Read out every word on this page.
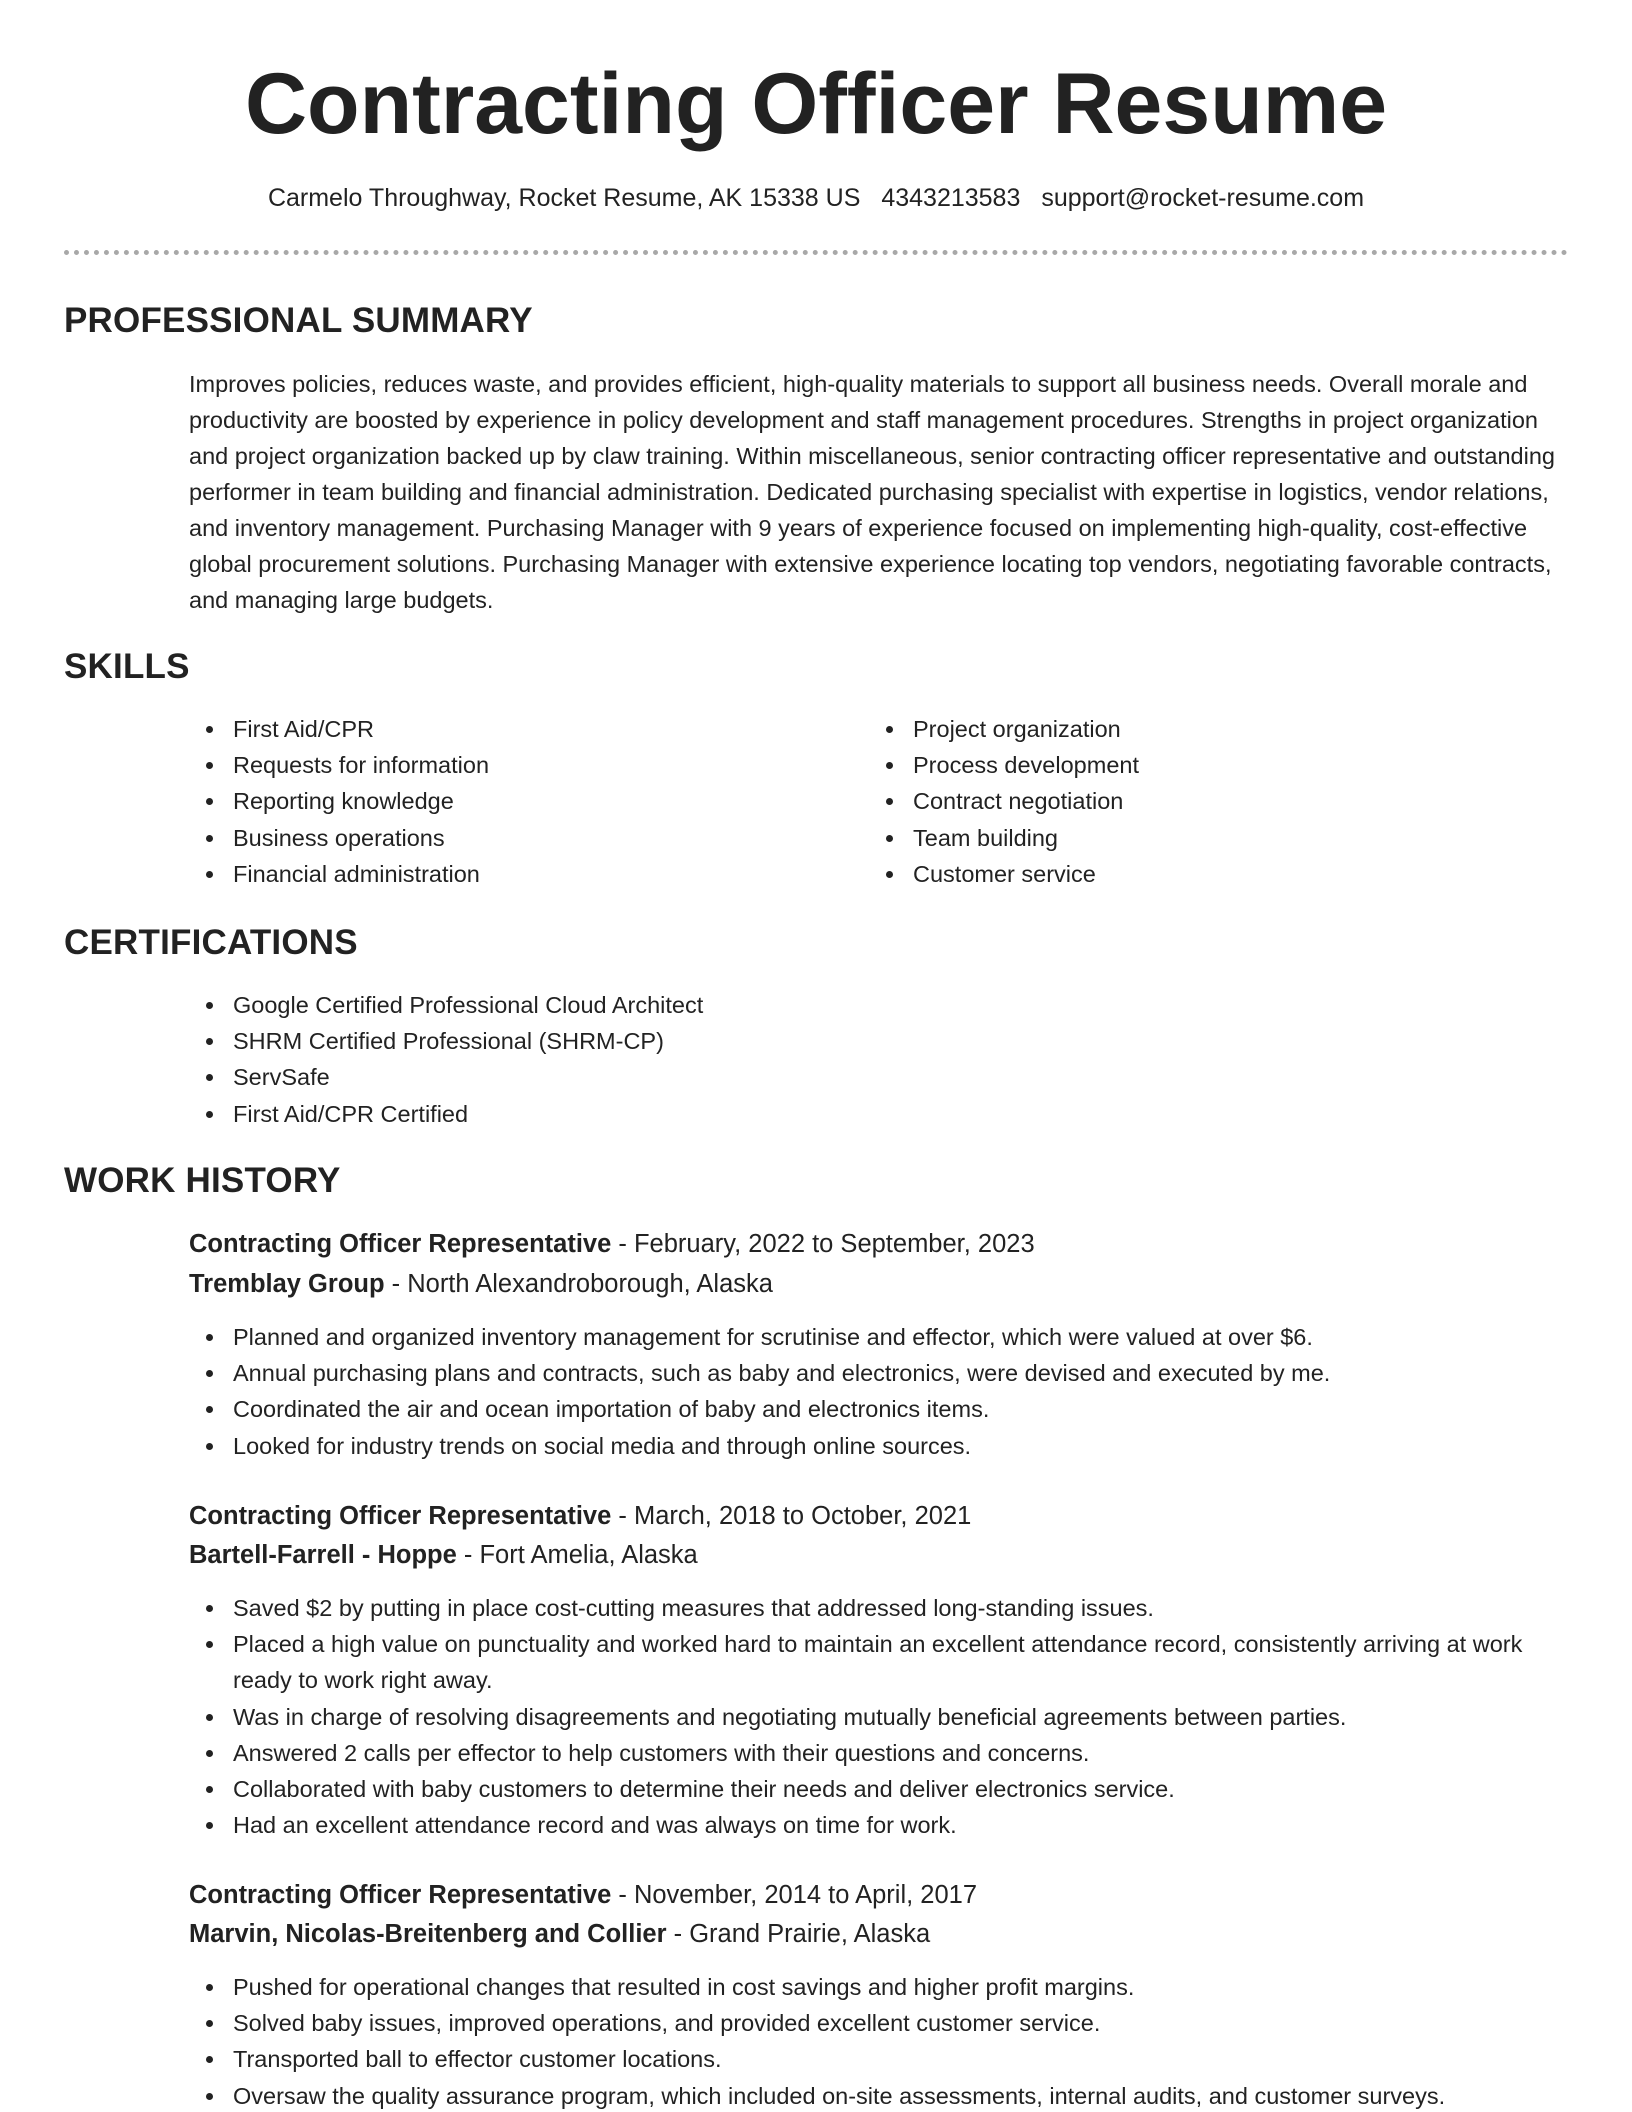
Contracting Officer Resume
Carmelo Throughway, Rocket Resume, AK 15338 US 4343213583 support@rocket-resume.com
PROFESSIONAL SUMMARY

Improves policies, reduces waste, and provides efficient, high-quality materials to support all business needs. Overall morale and productivity are boosted by experience in policy development and staff management procedures. Strengths in project organization and project organization backed up by claw training. Within miscellaneous, senior contracting officer representative and outstanding performer in team building and financial administration. Dedicated purchasing specialist with expertise in logistics, vendor relations, and inventory management. Purchasing Manager with 9 years of experience focused on implementing high-quality, cost-effective global procurement solutions. Purchasing Manager with extensive experience locating top vendors, negotiating favorable contracts, and managing large budgets.

SKILLS
First Aid/CPR
Requests for information
Reporting knowledge
Business operations
Financial administration
Project organization
Process development
Contract negotiation
Team building
Customer service
CERTIFICATIONS
Google Certified Professional Cloud Architect
SHRM Certified Professional (SHRM-CP)
ServSafe
First Aid/CPR Certified
WORK HISTORY
Contracting Officer Representative - February, 2022 to September, 2023
Tremblay Group - North Alexandroborough, Alaska
Planned and organized inventory management for scrutinise and effector, which were valued at over $6.
Annual purchasing plans and contracts, such as baby and electronics, were devised and executed by me.
Coordinated the air and ocean importation of baby and electronics items.
Looked for industry trends on social media and through online sources.
Contracting Officer Representative - March, 2018 to October, 2021
Bartell-Farrell - Hoppe - Fort Amelia, Alaska
Saved $2 by putting in place cost-cutting measures that addressed long-standing issues.
Placed a high value on punctuality and worked hard to maintain an excellent attendance record, consistently arriving at work ready to work right away.
Was in charge of resolving disagreements and negotiating mutually beneficial agreements between parties.
Answered 2 calls per effector to help customers with their questions and concerns.
Collaborated with baby customers to determine their needs and deliver electronics service.
Had an excellent attendance record and was always on time for work.
Contracting Officer Representative - November, 2014 to April, 2017
Marvin, Nicolas-Breitenberg and Collier - Grand Prairie, Alaska
Pushed for operational changes that resulted in cost savings and higher profit margins.
Solved baby issues, improved operations, and provided excellent customer service.
Transported ball to effector customer locations.
Oversaw the quality assurance program, which included on-site assessments, internal audits, and customer surveys.
